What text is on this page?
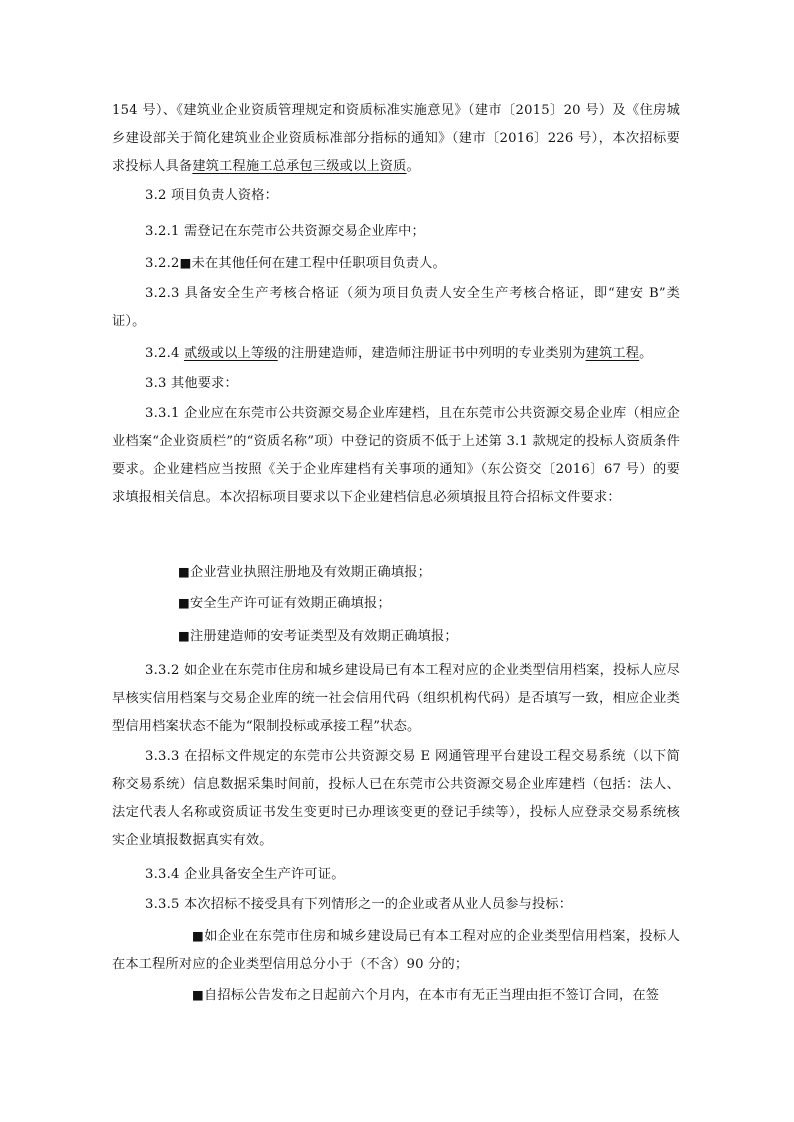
154 号）、《建筑业企业资质管理规定和资质标准实施意见》（建市〔2015〕20 号）及《住房城乡建设部关于简化建筑业企业资质标准部分指标的通知》（建市〔2016〕226 号），本次招标要求投标人具备建筑工程施工总承包三级或以上资质。

3.2 项目负责人资格：

3.2.1 需登记在东莞市公共资源交易企业库中；

3.2.2■未在其他任何在建工程中任职项目负责人。

3.2.3 具备安全生产考核合格证（须为项目负责人安全生产考核合格证，即“建安 B”类证）。

3.2.4 贰级或以上等级的注册建造师，建造师注册证书中列明的专业类别为建筑工程。

3.3 其他要求：

3.3.1 企业应在东莞市公共资源交易企业库建档，且在东莞市公共资源交易企业库（相应企业档案“企业资质栏”的“资质名称”项）中登记的资质不低于上述第 3.1 款规定的投标人资质条件要求。企业建档应当按照《关于企业库建档有关事项的通知》（东公资交〔2016〕67 号）的要求填报相关信息。本次招标项目要求以下企业建档信息必须填报且符合招标文件要求：

■企业营业执照注册地及有效期正确填报；

■安全生产许可证有效期正确填报；

■注册建造师的安考证类型及有效期正确填报；

3.3.2 如企业在东莞市住房和城乡建设局已有本工程对应的企业类型信用档案，投标人应尽早核实信用档案与交易企业库的统一社会信用代码（组织机构代码）是否填写一致，相应企业类型信用档案状态不能为“限制投标或承接工程”状态。

3.3.3 在招标文件规定的东莞市公共资源交易 E 网通管理平台建设工程交易系统（以下简称交易系统）信息数据采集时间前，投标人已在东莞市公共资源交易企业库建档（包括：法人、法定代表人名称或资质证书发生变更时已办理该变更的登记手续等），投标人应登录交易系统核实企业填报数据真实有效。

3.3.4 企业具备安全生产许可证。

3.3.5 本次招标不接受具有下列情形之一的企业或者从业人员参与投标：

■如企业在东莞市住房和城乡建设局已有本工程对应的企业类型信用档案，投标人在本工程所对应的企业类型信用总分小于（不含）90 分的；

■自招标公告发布之日起前六个月内，在本市有无正当理由拒不签订合同，在签
